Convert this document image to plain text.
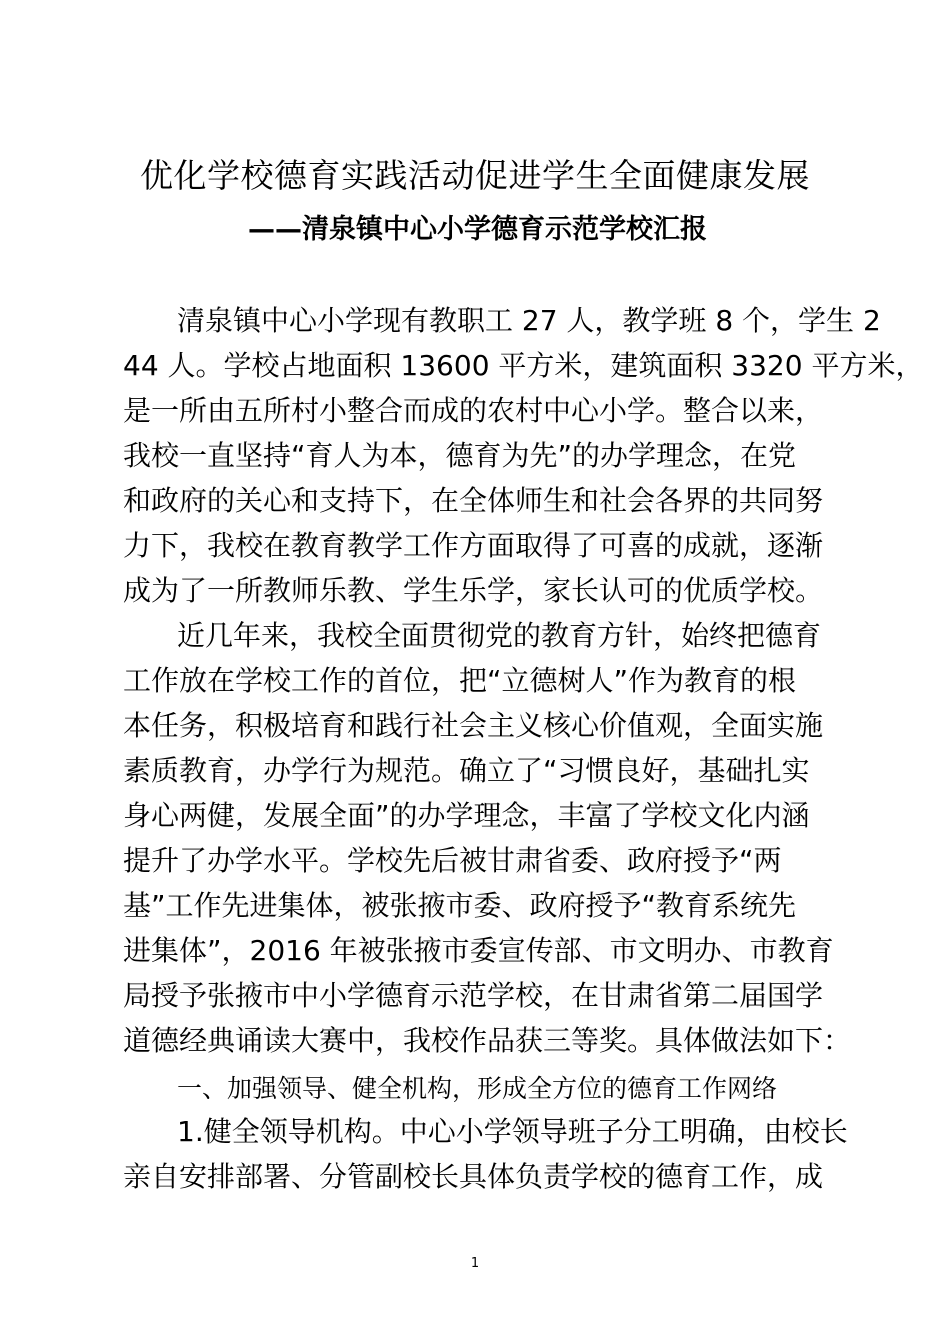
优化学校德育实践活动促进学生全面健康发展
——清泉镇中心小学德育示范学校汇报

清泉镇中心小学现有教职工 27 人，教学班 8 个，学生 2

44 人。学校占地面积 13600 平方米，建筑面积 3320 平方米，

是一所由五所村小整合而成的农村中心小学。整合以来，

我校一直坚持“育人为本，德育为先”的办学理念，在党

和政府的关心和支持下，在全体师生和社会各界的共同努

力下，我校在教育教学工作方面取得了可喜的成就，逐渐

成为了一所教师乐教、学生乐学，家长认可的优质学校。

近几年来，我校全面贯彻党的教育方针，始终把德育

工作放在学校工作的首位，把“立德树人”作为教育的根

本任务，积极培育和践行社会主义核心价值观，全面实施

素质教育，办学行为规范。确立了“习惯良好，基础扎实

身心两健，发展全面”的办学理念，丰富了学校文化内涵

提升了办学水平。学校先后被甘肃省委、政府授予“两

基”工作先进集体，被张掖市委、政府授予“教育系统先

进集体”，2016 年被张掖市委宣传部、市文明办、市教育

局授予张掖市中小学德育示范学校，在甘肃省第二届国学

道德经典诵读大赛中，我校作品获三等奖。具体做法如下：

一、加强领导、健全机构，形成全方位的德育工作网络

1.健全领导机构。中心小学领导班子分工明确，由校长

亲自安排部署、分管副校长具体负责学校的德育工作，成

1
